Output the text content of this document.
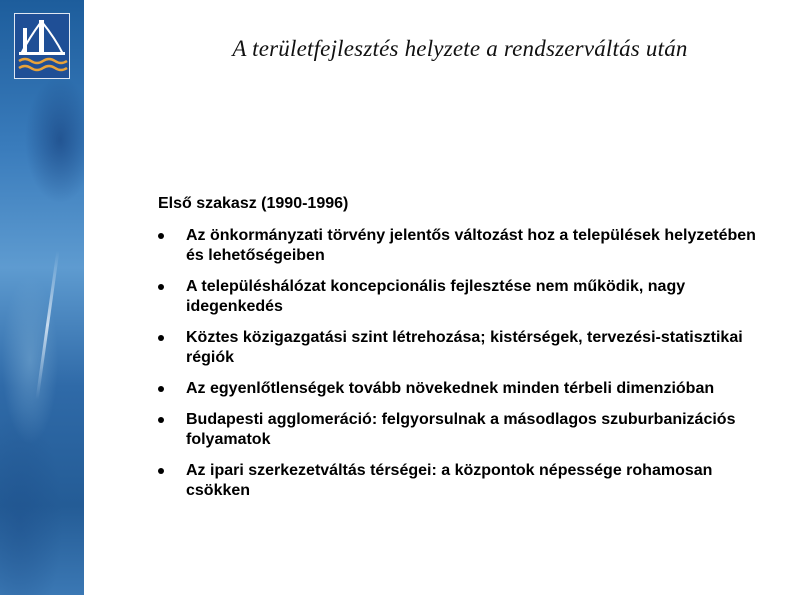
A területfejlesztés helyzete a rendszerváltás után
Első szakasz (1990-1996)
Az önkormányzati törvény jelentős változást hoz a települések helyzetében és lehetőségeiben
A településhálózat koncepcionális fejlesztése nem működik, nagy idegenkedés
Köztes közigazgatási szint létrehozása; kistérségek, tervezési-statisztikai régiók
Az egyenlőtlenségek tovább növekednek minden térbeli dimenzióban
Budapesti agglomeráció: felgyorsulnak a másodlagos szuburbanizációs folyamatok
Az ipari szerkezetváltás térségei: a központok népessége rohamosan csökken
